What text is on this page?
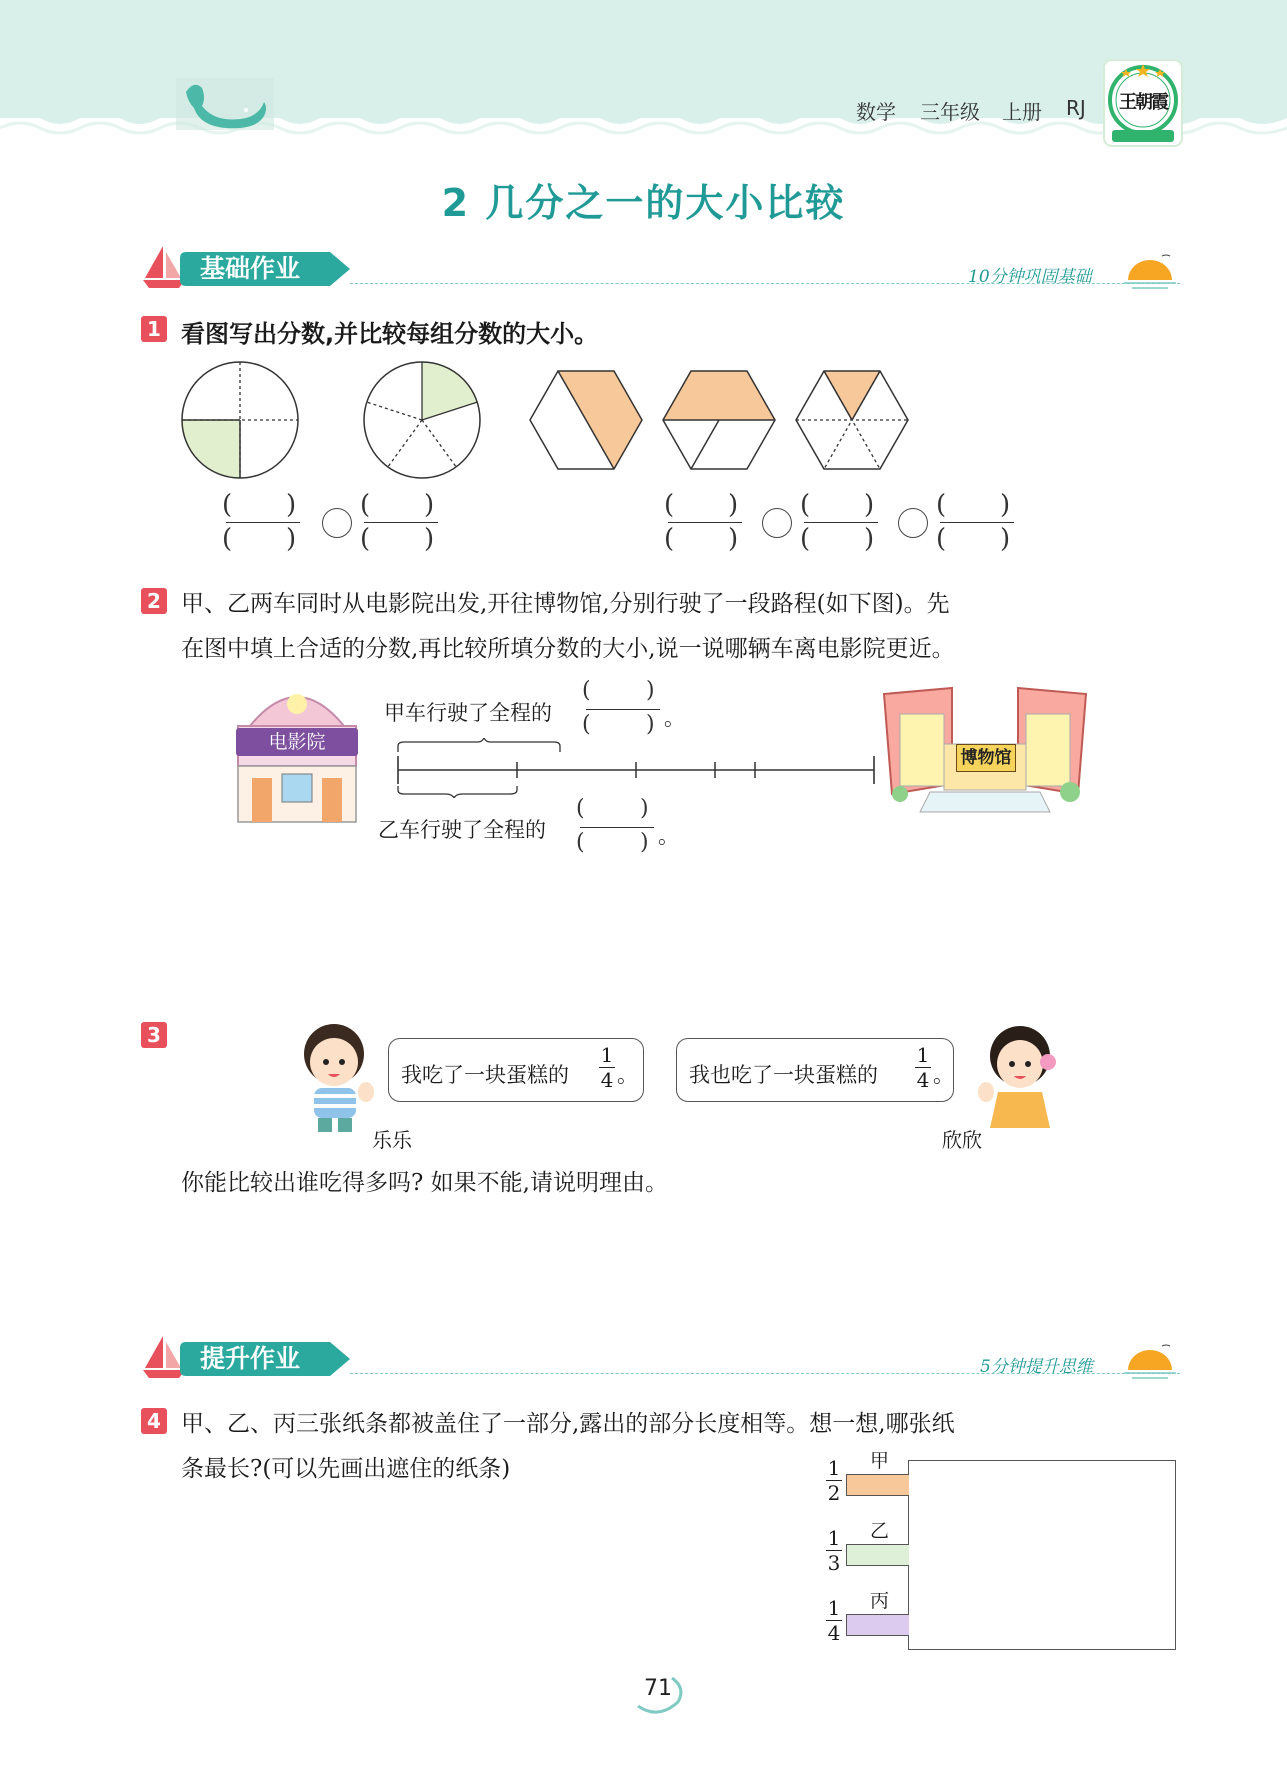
数学 三年级 上册 RJ	王朝霞
2 几分之一的大小比较
基础作业	10分钟巩固基础
1 看图写出分数,并比较每组分数的大小。
( )
( )
( )
( )
( )
( )
( )
( )
( )
( )
2 甲、乙两车同时从电影院出发,开往博物馆,分别行驶了一段路程(如下图)。先
在图中填上合适的分数,再比较所填分数的大小,说一说哪辆车离电影院更近。
电影院
博物馆
甲车行驶了全程的
(	)
(	) 。
乙车行驶了全程的
(	)
(	) 。
3
我吃了一块蛋糕的
1
4 。
乐乐
我也吃了一块蛋糕的
1
4 。
欣欣
你能比较出谁吃得多吗? 如果不能,请说明理由。
提升作业	5分钟提升思维
4 甲、乙、丙三张纸条都被盖住了一部分,露出的部分长度相等。想一想,哪张纸
条最长?(可以先画出遮住的纸条)	1
2
甲
1
3
乙
1
4
丙
71
